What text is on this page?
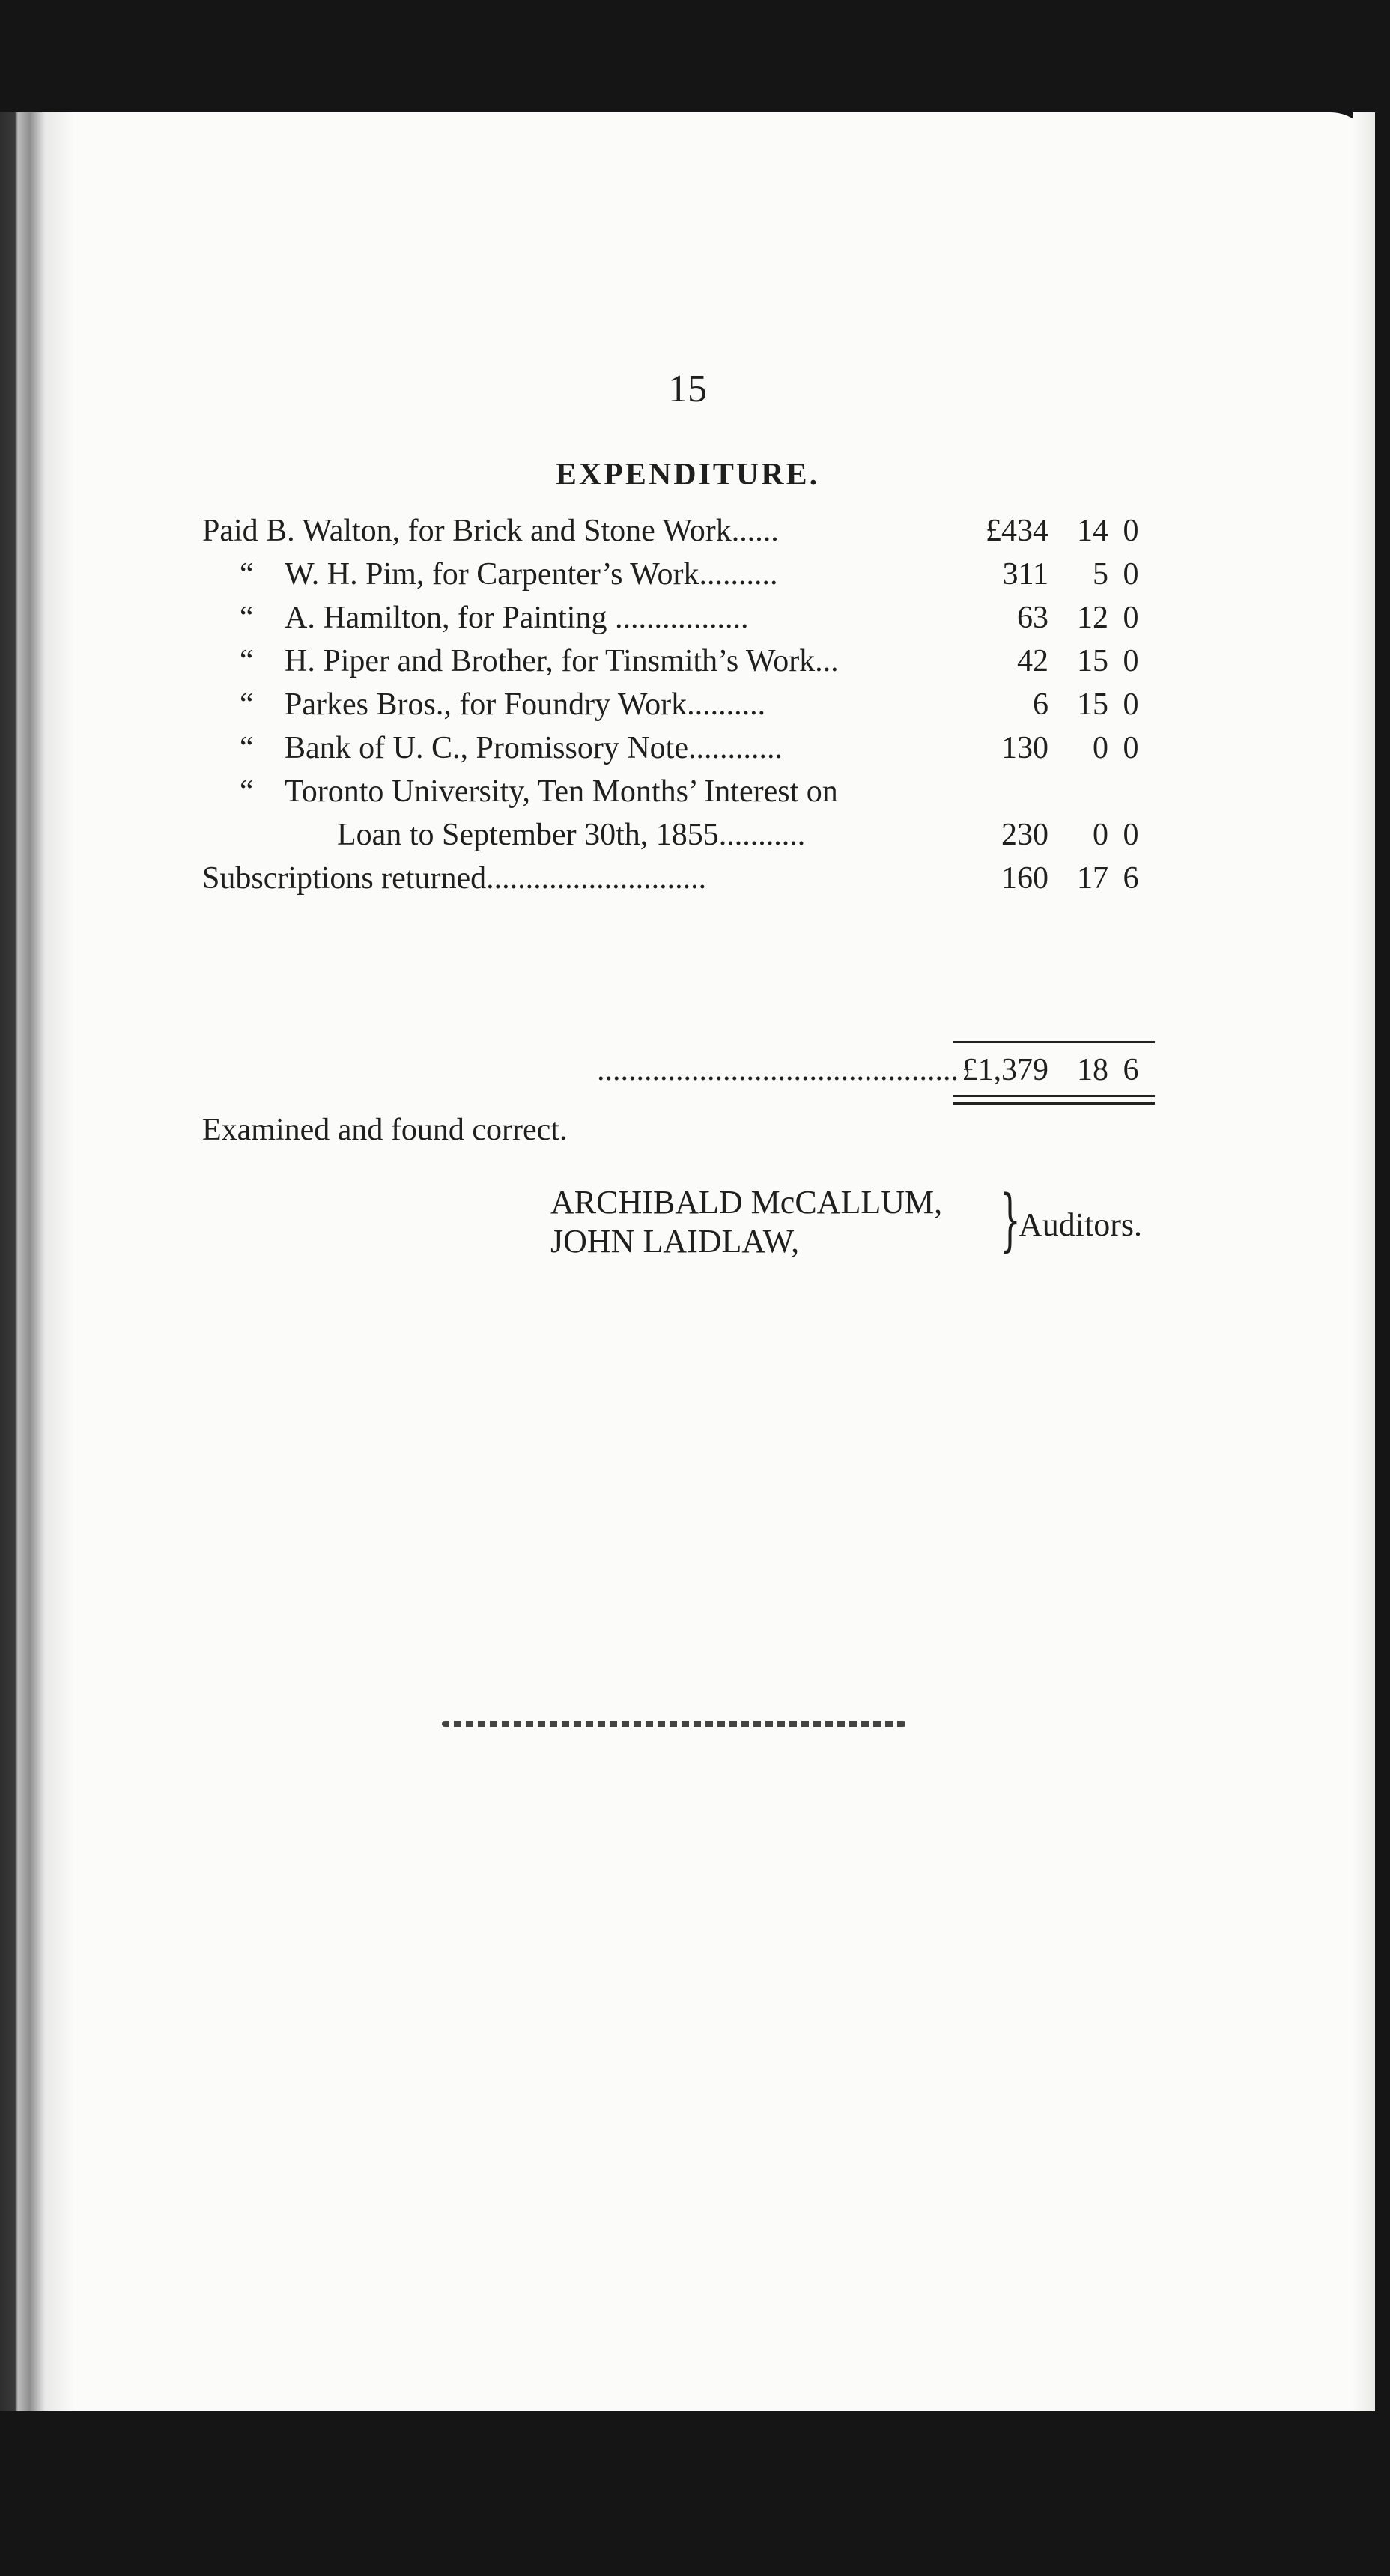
15
EXPENDITURE.
Paid B. Walton, for Brick and Stone Work......	£434 14 0
“ W. H. Pim, for Carpenter’s Work..........	311	5 0
“ A. Hamilton, for Painting .................	63 12 0
“ H. Piper and Brother, for Tinsmith’s Work...	42 15 0
“ Parkes Bros., for Foundry Work..........	6 15 0
“ Bank of U. C., Promissory Note............	130	0 0
“ Toronto University, Ten Months’ Interest on
Loan to September 30th, 1855...........	230	0 0
Subscriptions returned............................	160 17 6
.............................................. £1,379 18 6
Examined and found correct.
ARCHIBALD McCALLUM,
JOHN LAIDLAW,	}
Auditors.
